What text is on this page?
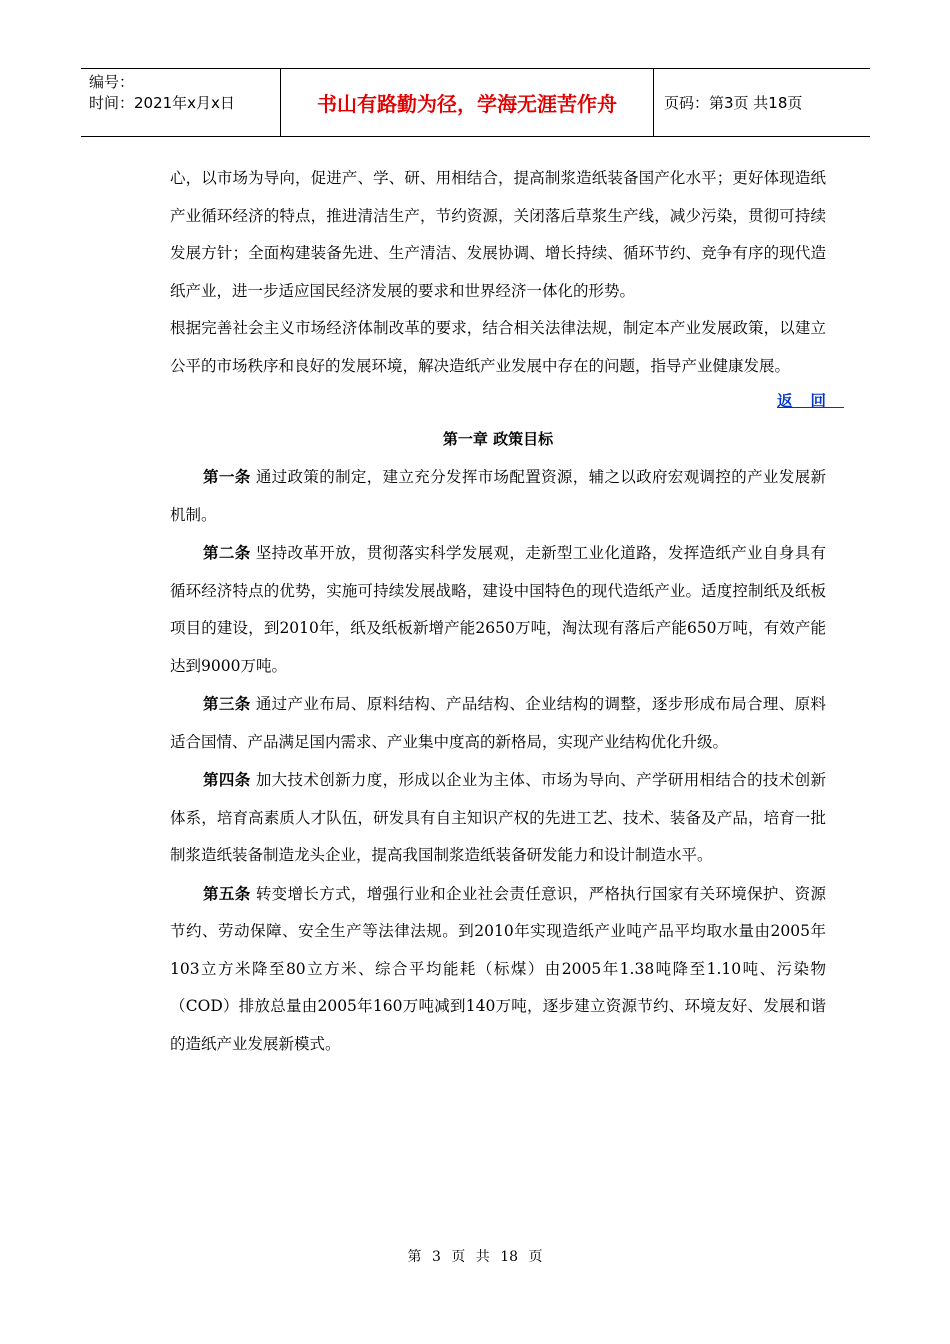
编号：
时间：2021年x月x日	书山有路勤为径，学海无涯苦作舟	页码：第3页 共18页

心，以市场为导向，促进产、学、研、用相结合，提高制浆造纸装备国产化水平；更好体现造纸产业循环经济的特点，推进清洁生产，节约资源，关闭落后草浆生产线，减少污染，贯彻可持续发展方针；全面构建装备先进、生产清洁、发展协调、增长持续、循环节约、竞争有序的现代造纸产业，进一步适应国民经济发展的要求和世界经济一体化的形势。

根据完善社会主义市场经济体制改革的要求，结合相关法律法规，制定本产业发展政策，以建立公平的市场秩序和良好的发展环境，解决造纸产业发展中存在的问题，指导产业健康发展。

返回

第一章 政策目标

第一条 通过政策的制定，建立充分发挥市场配置资源，辅之以政府宏观调控的产业发展新机制。

第二条 坚持改革开放，贯彻落实科学发展观，走新型工业化道路，发挥造纸产业自身具有循环经济特点的优势，实施可持续发展战略，建设中国特色的现代造纸产业。适度控制纸及纸板项目的建设，到2010年，纸及纸板新增产能2650万吨，淘汰现有落后产能650万吨，有效产能达到9000万吨。

第三条 通过产业布局、原料结构、产品结构、企业结构的调整，逐步形成布局合理、原料适合国情、产品满足国内需求、产业集中度高的新格局，实现产业结构优化升级。

第四条 加大技术创新力度，形成以企业为主体、市场为导向、产学研用相结合的技术创新体系，培育高素质人才队伍，研发具有自主知识产权的先进工艺、技术、装备及产品，培育一批制浆造纸装备制造龙头企业，提高我国制浆造纸装备研发能力和设计制造水平。

第五条 转变增长方式，增强行业和企业社会责任意识，严格执行国家有关环境保护、资源节约、劳动保障、安全生产等法律法规。到2010年实现造纸产业吨产品平均取水量由2005年103立方米降至80立方米、综合平均能耗（标煤）由2005年1.38吨降至1.10吨、污染物（COD）排放总量由2005年160万吨减到140万吨，逐步建立资源节约、环境友好、发展和谐的造纸产业发展新模式。

第 3 页 共 18 页
